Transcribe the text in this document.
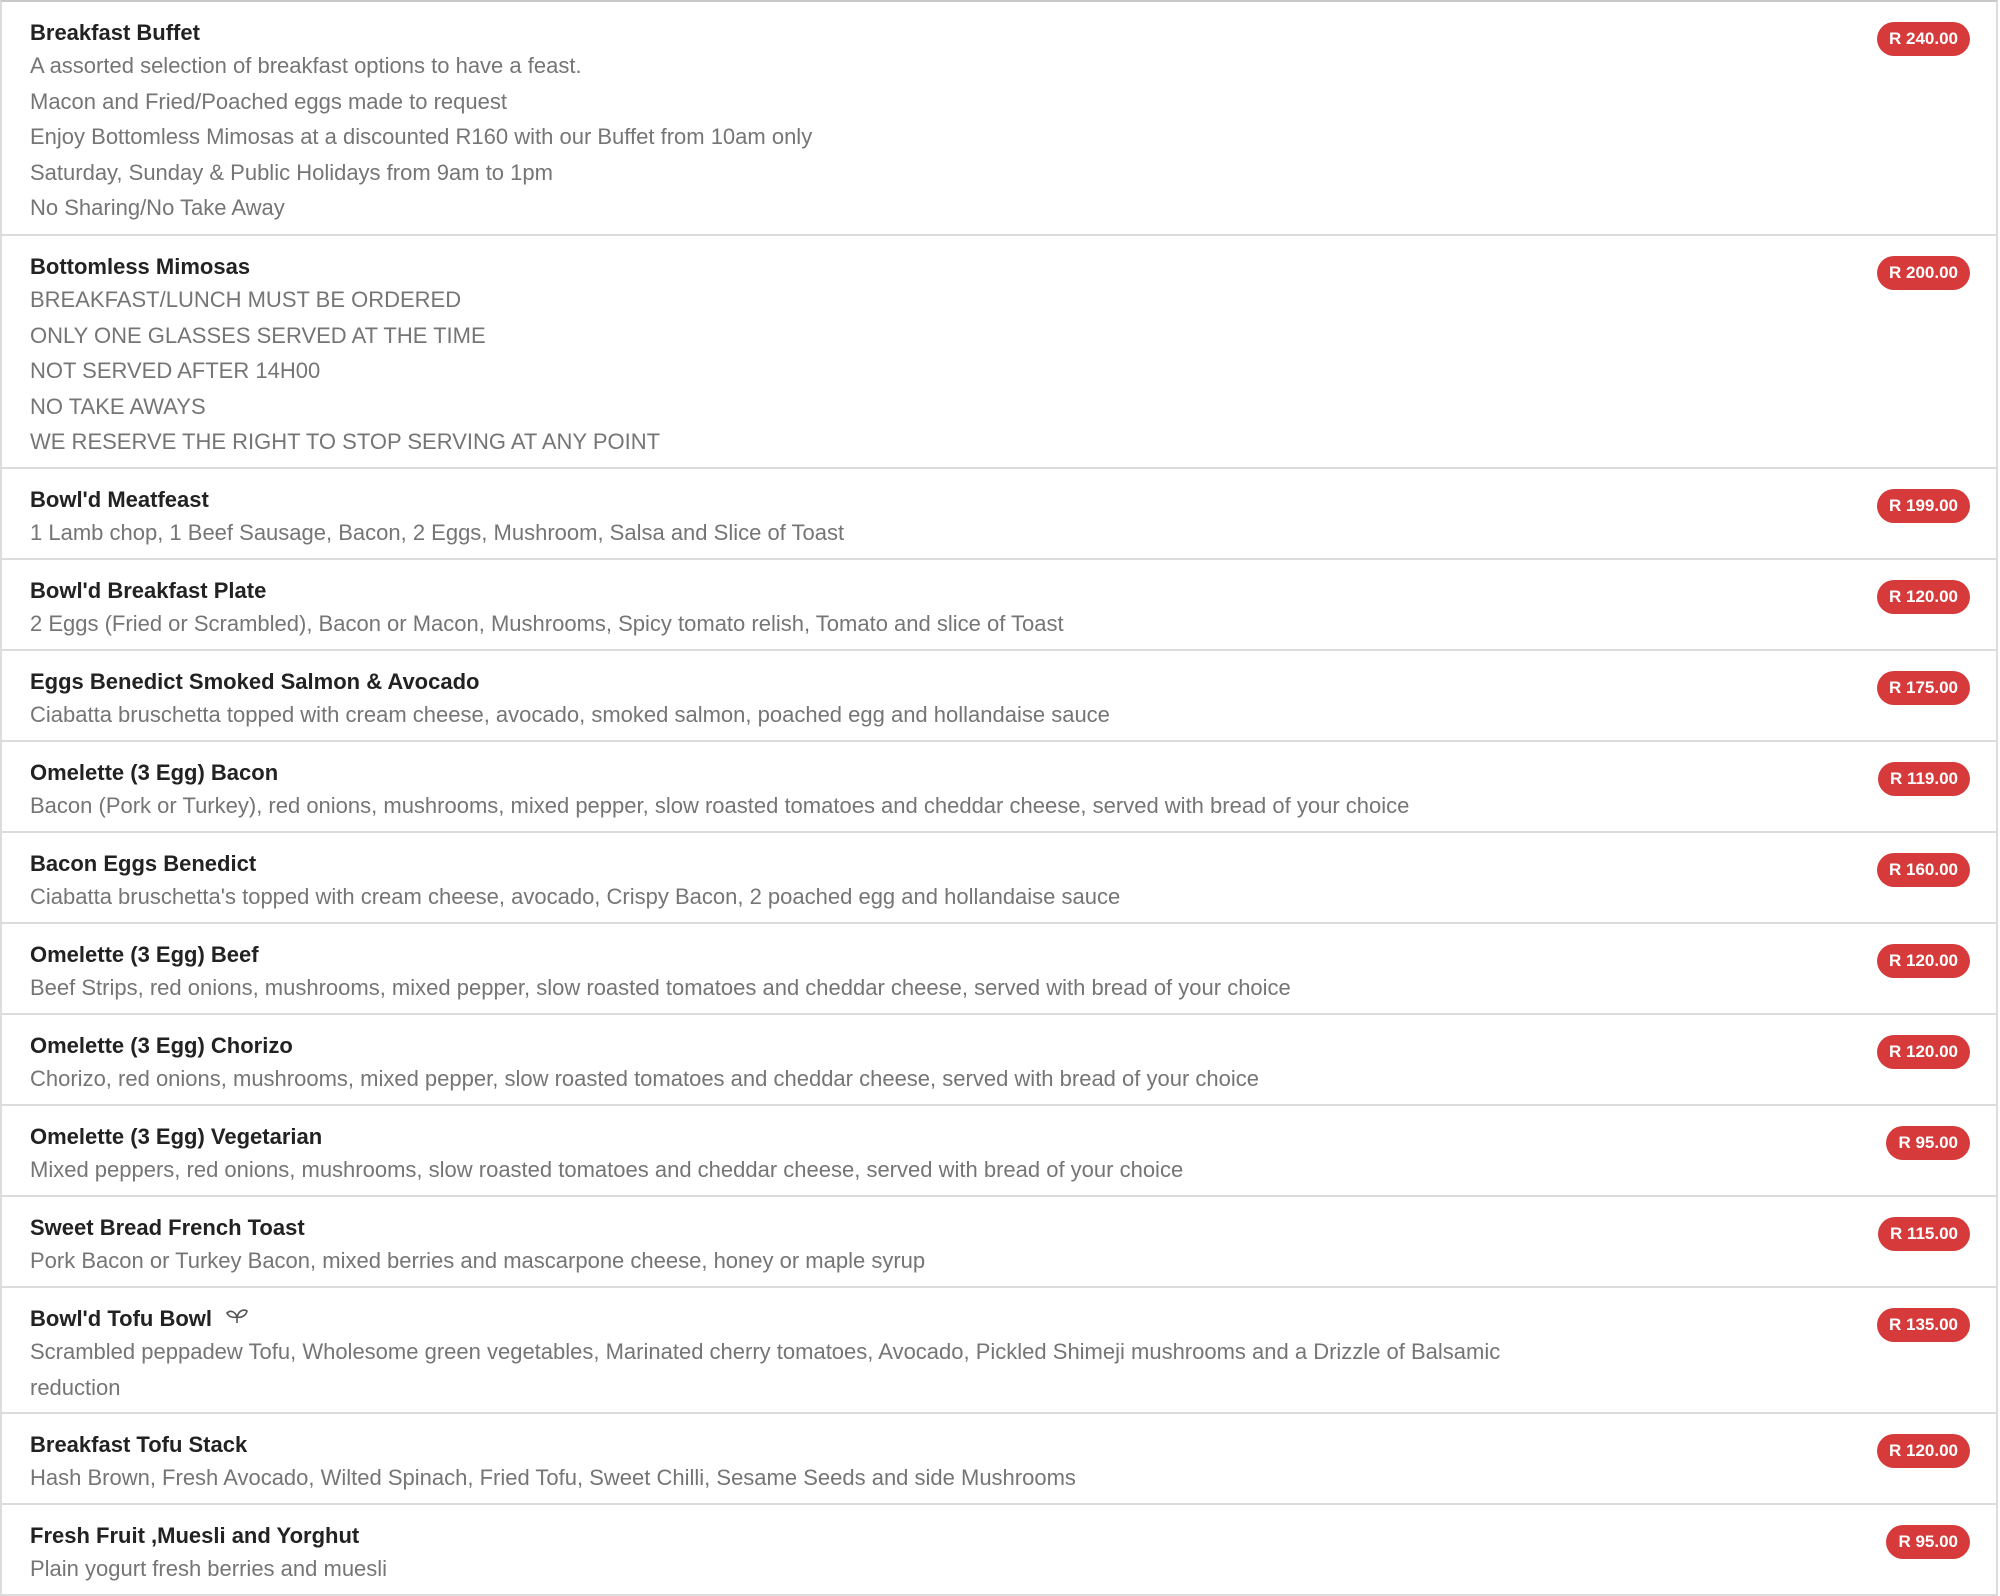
Breakfast Buffet
A assorted selection of breakfast options to have a feast.
Macon and Fried/Poached eggs made to request
Enjoy Bottomless Mimosas at a discounted R160 with our Buffet from 10am only
Saturday, Sunday & Public Holidays from 9am to 1pm
No Sharing/No Take Away
R 240.00
Bottomless Mimosas
BREAKFAST/LUNCH MUST BE ORDERED
ONLY ONE GLASSES SERVED AT THE TIME
NOT SERVED AFTER 14H00
NO TAKE AWAYS
WE RESERVE THE RIGHT TO STOP SERVING AT ANY POINT
R 200.00
Bowl'd Meatfeast
1 Lamb chop, 1 Beef Sausage, Bacon, 2 Eggs, Mushroom, Salsa and Slice of Toast
R 199.00
Bowl'd Breakfast Plate
2 Eggs (Fried or Scrambled), Bacon or Macon, Mushrooms, Spicy tomato relish, Tomato and slice of Toast
R 120.00
Eggs Benedict Smoked Salmon & Avocado
Ciabatta bruschetta topped with cream cheese, avocado, smoked salmon, poached egg and hollandaise sauce
R 175.00
Omelette (3 Egg) Bacon
Bacon (Pork or Turkey), red onions, mushrooms, mixed pepper, slow roasted tomatoes and cheddar cheese, served with bread of your choice
R 119.00
Bacon Eggs Benedict
Ciabatta bruschetta's topped with cream cheese, avocado, Crispy Bacon, 2 poached egg and hollandaise sauce
R 160.00
Omelette (3 Egg) Beef
Beef Strips, red onions, mushrooms, mixed pepper, slow roasted tomatoes and cheddar cheese, served with bread of your choice
R 120.00
Omelette (3 Egg) Chorizo
Chorizo, red onions, mushrooms, mixed pepper, slow roasted tomatoes and cheddar cheese, served with bread of your choice
R 120.00
Omelette (3 Egg) Vegetarian
Mixed peppers, red onions, mushrooms, slow roasted tomatoes and cheddar cheese, served with bread of your choice
R 95.00
Sweet Bread French Toast
Pork Bacon or Turkey Bacon, mixed berries and mascarpone cheese, honey or maple syrup
R 115.00
Bowl'd Tofu Bowl
Scrambled peppadew Tofu, Wholesome green vegetables, Marinated cherry tomatoes, Avocado, Pickled Shimeji mushrooms and a Drizzle of Balsamic reduction
R 135.00
Breakfast Tofu Stack
Hash Brown, Fresh Avocado, Wilted Spinach, Fried Tofu, Sweet Chilli, Sesame Seeds and side Mushrooms
R 120.00
Fresh Fruit ,Muesli and Yorghut
Plain yogurt fresh berries and muesli
R 95.00
